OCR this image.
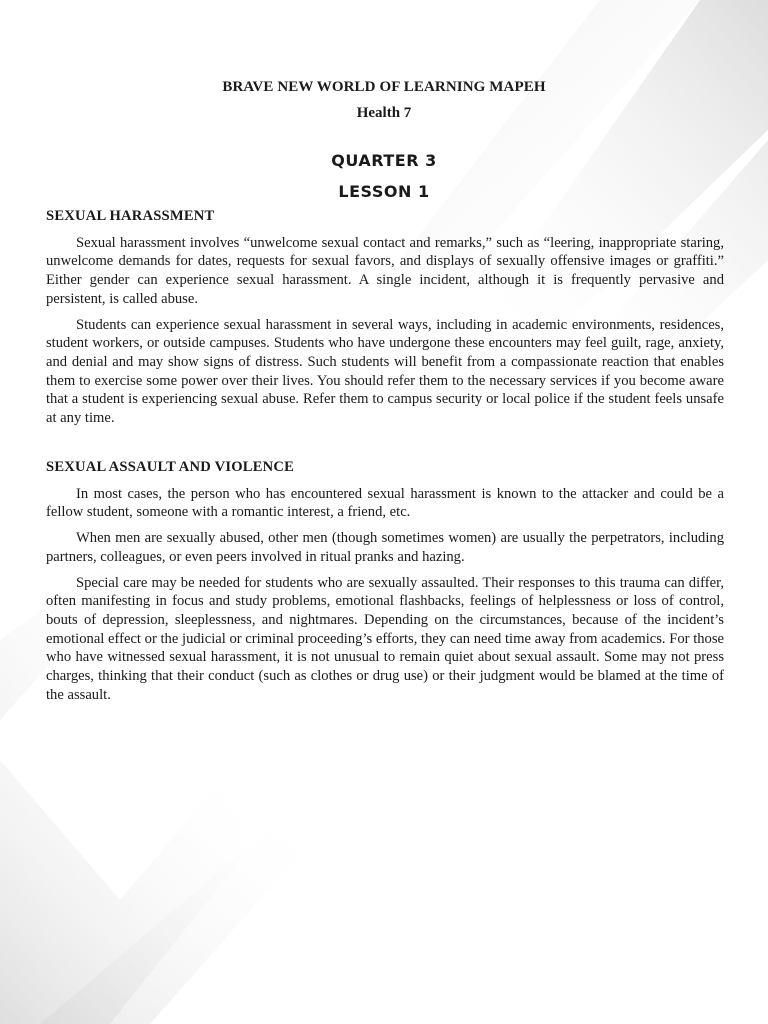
BRAVE NEW WORLD OF LEARNING MAPEH
Health 7
QUARTER 3
LESSON 1
SEXUAL HARASSMENT

Sexual harassment involves “unwelcome sexual contact and remarks,” such as “leering, inappropriate staring, unwelcome demands for dates, requests for sexual favors, and displays of sexually offensive images or graffiti.” Either gender can experience sexual harassment. A single incident, although it is frequently pervasive and persistent, is called abuse.

Students can experience sexual harassment in several ways, including in academic environments, residences, student workers, or outside campuses. Students who have undergone these encounters may feel guilt, rage, anxiety, and denial and may show signs of distress. Such students will benefit from a compassionate reaction that enables them to exercise some power over their lives. You should refer them to the necessary services if you become aware that a student is experiencing sexual abuse. Refer them to campus security or local police if the student feels unsafe at any time.

SEXUAL ASSAULT AND VIOLENCE

In most cases, the person who has encountered sexual harassment is known to the attacker and could be a fellow student, someone with a romantic interest, a friend, etc.

When men are sexually abused, other men (though sometimes women) are usually the perpetrators, including partners, colleagues, or even peers involved in ritual pranks and hazing.

Special care may be needed for students who are sexually assaulted. Their responses to this trauma can differ, often manifesting in focus and study problems, emotional flashbacks, feelings of helplessness or loss of control, bouts of depression, sleeplessness, and nightmares. Depending on the circumstances, because of the incident’s emotional effect or the judicial or criminal proceeding’s efforts, they can need time away from academics. For those who have witnessed sexual harassment, it is not unusual to remain quiet about sexual assault. Some may not press charges, thinking that their conduct (such as clothes or drug use) or their judgment would be blamed at the time of the assault.
